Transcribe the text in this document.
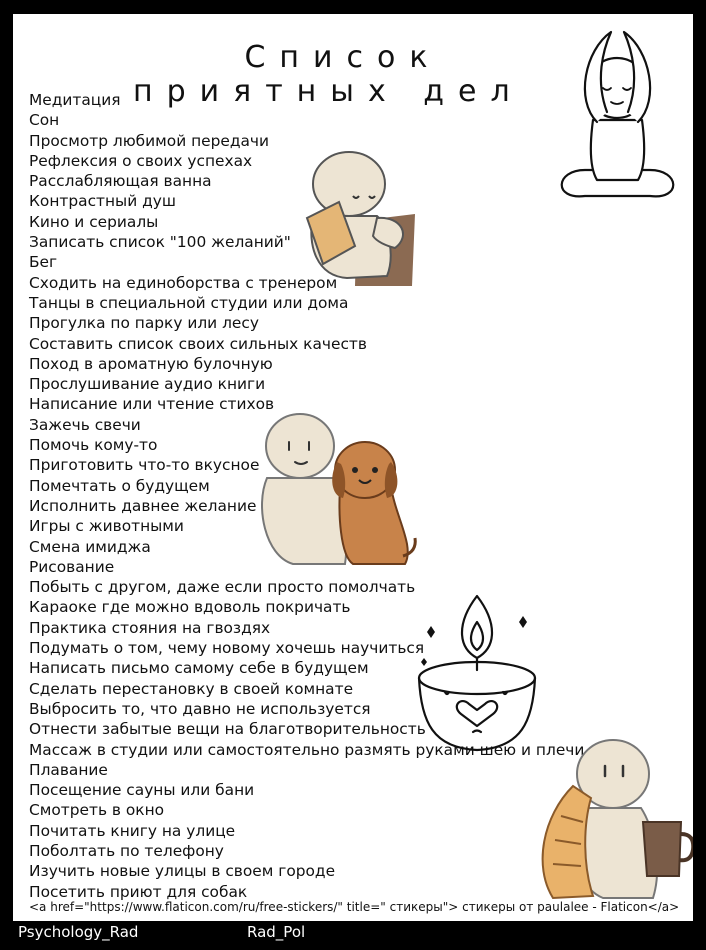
Список
приятных дел
Медитация
Сон
Просмотр любимой передачи
Рефлексия о своих успехах
Расслабляющая ванна
Контрастный душ
Кино и сериалы
Записать список "100 желаний"
Бег
Сходить на единоборства с тренером
Танцы в специальной студии или дома
Прогулка по парку или лесу
Составить список своих сильных качеств
Поход в ароматную булочную
Прослушивание аудио книги
Написание или чтение стихов
Зажечь свечи
Помочь кому-то
Приготовить что-то вкусное
Помечтать о будущем
Исполнить давнее желание
Игры с животными
Смена имиджа
Рисование
Побыть с другом, даже если просто помолчать
Караоке где можно вдоволь покричать
Практика стояния на гвоздях
Подумать о том, чему новому хочешь научиться
Написать письмо самому себе в будущем
Сделать перестановку в своей комнате
Выбросить то, что давно не используется
Отнести забытые вещи на благотворительность
Массаж в студии или самостоятельно размять руками шею и плечи
Плавание
Посещение сауны или бани
Смотреть в окно
Почитать книгу на улице
Поболтать по телефону
Изучить новые улицы в своем городе
Посетить приют для собак
<a href="https://www.flaticon.com/ru/free-stickers/" title=" стикеры"> стикеры от paulalee - Flaticon</a>
Psychology_Rad	Rad_Pol
